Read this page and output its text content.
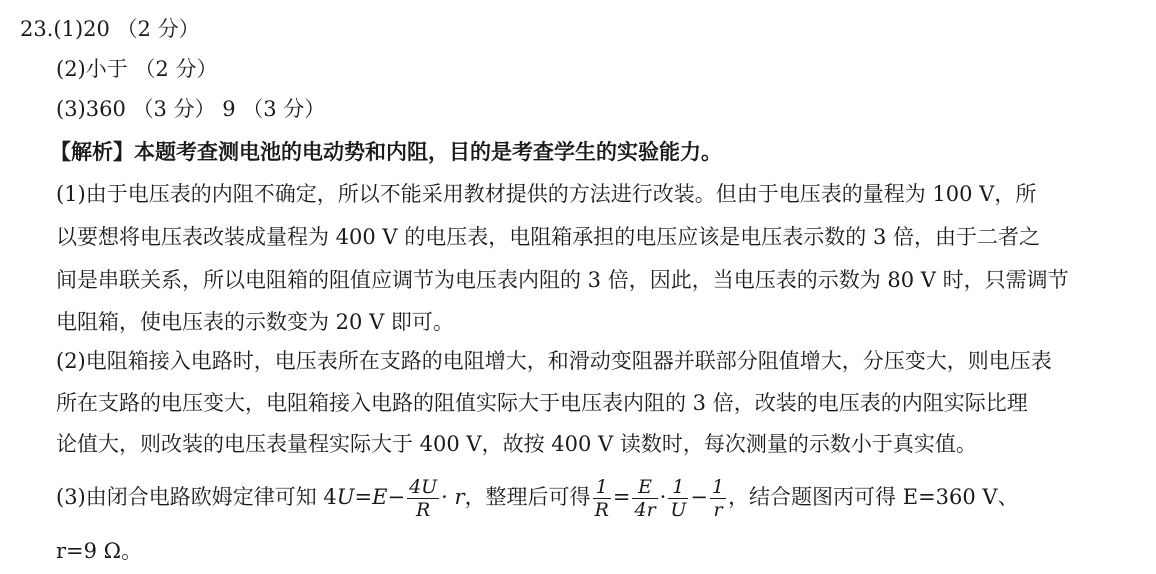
23.(1)20 （2 分）
(2)小于 （2 分）
(3)360 （3 分） 9 （3 分）
【解析】本题考查测电池的电动势和内阻，目的是考查学生的实验能力。
(1)由于电压表的内阻不确定，所以不能采用教材提供的方法进行改装。但由于电压表的量程为 100 V，所
以要想将电压表改装成量程为 400 V 的电压表，电阻箱承担的电压应该是电压表示数的 3 倍，由于二者之
间是串联关系，所以电阻箱的阻值应调节为电压表内阻的 3 倍，因此，当电压表的示数为 80 V 时，只需调节
电阻箱，使电压表的示数变为 20 V 即可。
(2)电阻箱接入电路时，电压表所在支路的电阻增大，和滑动变阻器并联部分阻值增大，分压变大，则电压表
所在支路的电压变大，电阻箱接入电路的阻值实际大于电压表内阻的 3 倍，改装的电压表的内阻实际比理
论值大，则改装的电压表量程实际大于 400 V，故按 400 V 读数时，每次测量的示数小于真实值。
(3)由闭合电路欧姆定律可知 $4U=E- \frac{4U}{R} \cdot r$，整理后可得 $\frac{1}{R} = \frac{E}{4r} \cdot \frac{1}{U} - \frac{1}{r}$ ，结合题图丙可得 E=360 V、
r=9 Ω。
